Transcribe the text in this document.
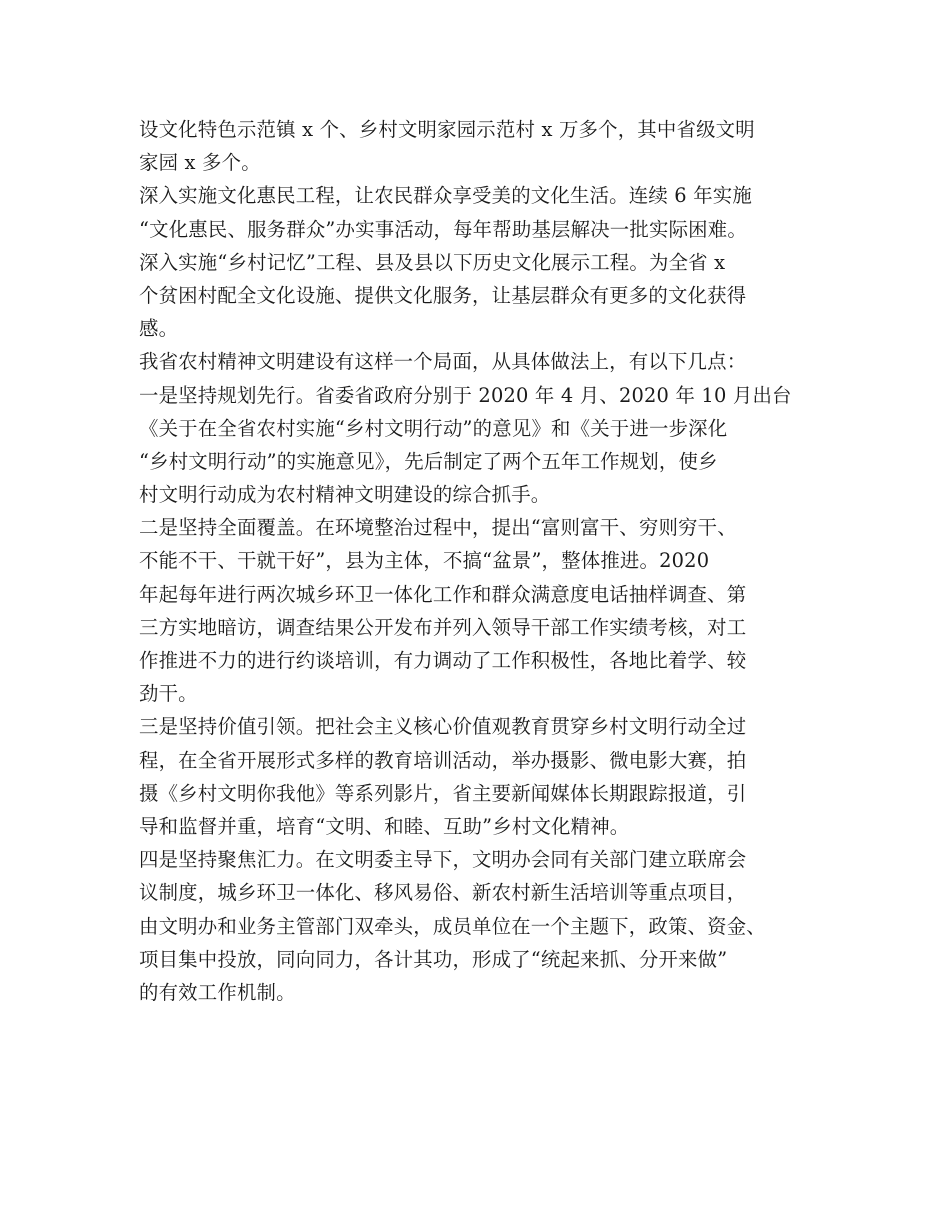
设文化特色示范镇 x 个、乡村文明家园示范村 x 万多个，其中省级文明
家园 x 多个。
深入实施文化惠民工程，让农民群众享受美的文化生活。连续 6 年实施
“文化惠民、服务群众”办实事活动，每年帮助基层解决一批实际困难。
深入实施“乡村记忆”工程、县及县以下历史文化展示工程。为全省 x
个贫困村配全文化设施、提供文化服务，让基层群众有更多的文化获得
感。
我省农村精神文明建设有这样一个局面，从具体做法上，有以下几点：
一是坚持规划先行。省委省政府分别于 2020 年 4 月、2020 年 10 月出台
《关于在全省农村实施“乡村文明行动”的意见》和《关于进一步深化
“乡村文明行动”的实施意见》，先后制定了两个五年工作规划，使乡
村文明行动成为农村精神文明建设的综合抓手。
二是坚持全面覆盖。在环境整治过程中，提出“富则富干、穷则穷干、
不能不干、干就干好”，县为主体，不搞“盆景”，整体推进。2020
年起每年进行两次城乡环卫一体化工作和群众满意度电话抽样调查、第
三方实地暗访，调查结果公开发布并列入领导干部工作实绩考核，对工
作推进不力的进行约谈培训，有力调动了工作积极性，各地比着学、较
劲干。
三是坚持价值引领。把社会主义核心价值观教育贯穿乡村文明行动全过
程，在全省开展形式多样的教育培训活动，举办摄影、微电影大赛，拍
摄《乡村文明你我他》等系列影片，省主要新闻媒体长期跟踪报道，引
导和监督并重，培育“文明、和睦、互助”乡村文化精神。
四是坚持聚焦汇力。在文明委主导下，文明办会同有关部门建立联席会
议制度，城乡环卫一体化、移风易俗、新农村新生活培训等重点项目，
由文明办和业务主管部门双牵头，成员单位在一个主题下，政策、资金、
项目集中投放，同向同力，各计其功，形成了“统起来抓、分开来做”
的有效工作机制。
